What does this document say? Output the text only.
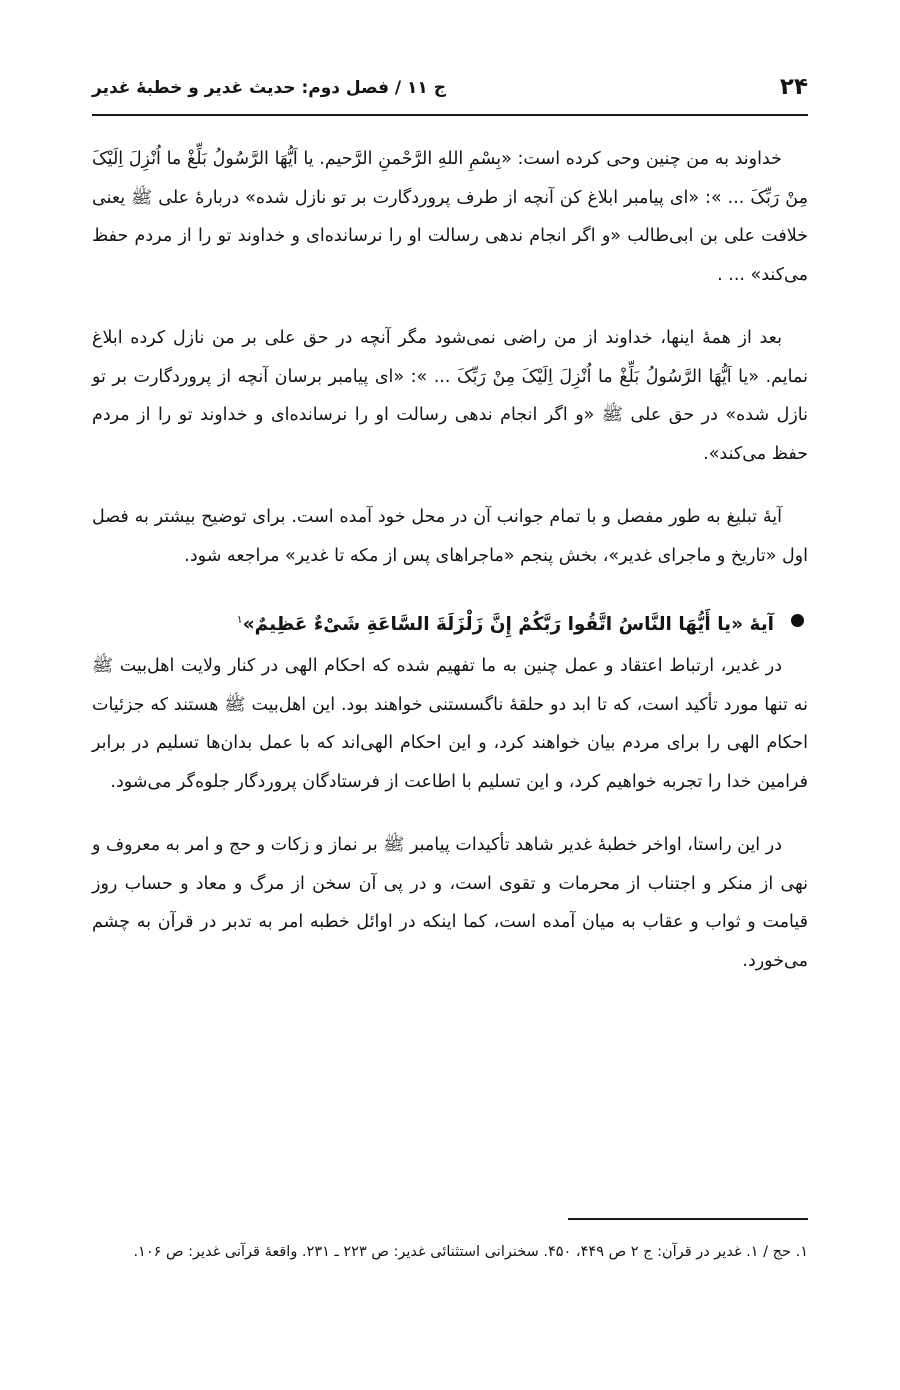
۲۴
ج ۱۱ / فصل دوم: حدیث غدیر و خطبهٔ غدیر

خداوند به من چنین وحی کرده است: «بِسْمِ اللهِ الرَّحْمنِ الرَّحیم. یا اَیُّهَا الرَّسُولُ بَلِّغْ ما اُنْزِلَ اِلَیْکَ مِنْ رَبِّکَ ... »: «ای پیامبر ابلاغ کن آنچه از طرف پروردگارت بر تو نازل شده» دربارهٔ علی ﷺ یعنی خلافت علی بن ابی‌طالب «و اگر انجام ندهی رسالت او را نرسانده‌ای و خداوند تو را از مردم حفظ می‌کند» ... .

بعد از همهٔ اینها، خداوند از من راضی نمی‌شود مگر آنچه در حق علی بر من نازل کرده ابلاغ نمایم. «یا اَیُّهَا الرَّسُولُ بَلِّغْ ما اُنْزِلَ اِلَیْکَ مِنْ رَبِّکَ ... »: «ای پیامبر برسان آنچه از پروردگارت بر تو نازل شده» در حق علی ﷺ «و اگر انجام ندهی رسالت او را نرسانده‌ای و خداوند تو را از مردم حفظ می‌کند».

آیهٔ تبلیغ به طور مفصل و با تمام جوانب آن در محل خود آمده است. برای توضیح بیشتر به فصل اول «تاریخ و ماجرای غدیر»، بخش پنجم «ماجراهای پس از مکه تا غدیر» مراجعه شود.

آیهٔ «یا أَیُّهَا النَّاسُ اتَّقُوا رَبَّکُمْ إِنَّ زَلْزَلَةَ السَّاعَةِ شَیْءٌ عَظِیمٌ»$^۱$

در غدیر، ارتباط اعتقاد و عمل چنین به ما تفهیم شده که احکام الهی در کنار ولایت اهل‌بیت ﷺ نه تنها مورد تأکید است، که تا ابد دو حلقهٔ ناگسستنی خواهند بود. این اهل‌بیت ﷺ هستند که جزئیات احکام الهی را برای مردم بیان خواهند کرد، و این احکام الهی‌اند که با عمل بدان‌ها تسلیم در برابر فرامین خدا را تجربه خواهیم کرد، و این تسلیم با اطاعت از فرستادگان پروردگار جلوه‌گر می‌شود.

در این راستا، اواخر خطبهٔ غدیر شاهد تأکیدات پیامبر ﷺ بر نماز و زکات و حج و امر به معروف و نهی از منکر و اجتناب از محرمات و تقوی است، و در پی آن سخن از مرگ و معاد و حساب روز قیامت و ثواب و عقاب به میان آمده است، کما اینکه در اوائل خطبه امر به تدبر در قرآن به چشم می‌خورد.

۱. حج / ۱. غدیر در قرآن: ج ۲ ص ۴۴۹، ۴۵۰. سخنرانی استثنائی غدیر: ص ۲۲۳ ـ ۲۳۱. واقعهٔ قرآنی غدیر: ص ۱۰۶.
